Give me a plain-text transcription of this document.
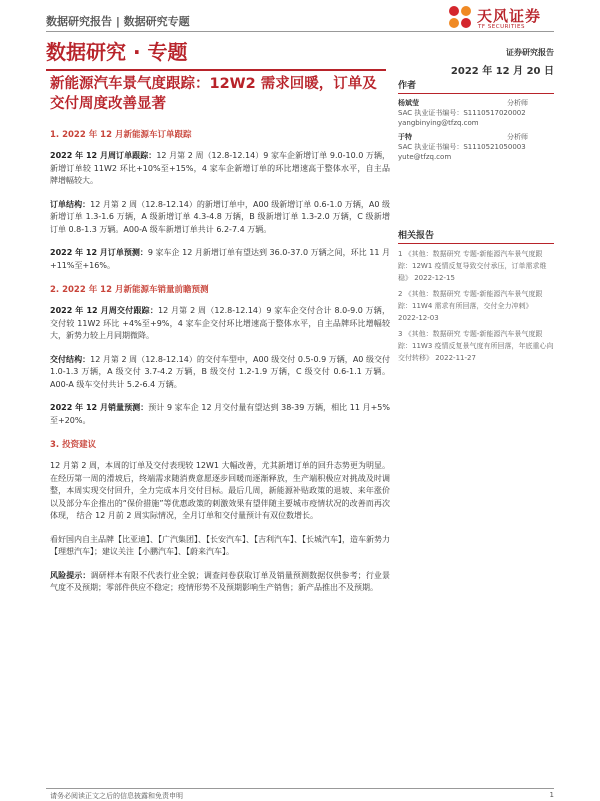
数据研究报告 | 数据研究专题	天风证券
TF SECURITIES
数据研究 · 专题	证券研究报告
2022 年 12 月 20 日
新能源汽车景气度跟踪：12W2 需求回暖，订单及交付周度改善显著
1. 2022 年 12 月新能源车订单跟踪

2022 年 12 月周订单跟踪：12 月第 2 周（12.8-12.14）9 家车企新增订单 9.0-10.0 万辆，新增订单较 11W2 环比+10%至+15%，4 家车企新增订单的环比增速高于整体水平，自主品牌增幅较大。

订单结构：12 月第 2 周（12.8-12.14）的新增订单中，A00 级新增订单 0.6-1.0 万辆，A0 级新增订单 1.3-1.6 万辆，A 级新增订单 4.3-4.8 万辆，B 级新增订单 1.3-2.0 万辆，C 级新增订单 0.8-1.3 万辆。A00-A 级车新增订单共计 6.2-7.4 万辆。

2022 年 12 月订单预测：9 家车企 12 月新增订单有望达到 36.0-37.0 万辆之间，环比 11 月+11%至+16%。

2. 2022 年 12 月新能源车销量前瞻预测

2022 年 12 月周交付跟踪：12 月第 2 周（12.8-12.14）9 家车企交付合计 8.0-9.0 万辆，交付较 11W2 环比 +4%至+9%，4 家车企交付环比增速高于整体水平，自主品牌环比增幅较大，新势力较上月同期微降。

交付结构：12 月第 2 周（12.8-12.14）的交付车型中，A00 级交付 0.5-0.9 万辆，A0 级交付 1.0-1.3 万辆，A 级交付 3.7-4.2 万辆，B 级交付 1.2-1.9 万辆，C 级交付 0.6-1.1 万辆。A00-A 级车交付共计 5.2-6.4 万辆。

2022 年 12 月销量预测：预计 9 家车企 12 月交付量有望达到 38-39 万辆，相比 11 月+5%至+20%。

3. 投资建议

12 月第 2 周，本周的订单及交付表现较 12W1 大幅改善，尤其新增订单的回升态势更为明显。在经历第一周的滑坡后，终端需求随消费意愿逐步回暖而逐渐释放，生产端积极应对挑战及时调整，本周实现交付回升，全力完成本月交付目标。最后几周，新能源补贴政策的退坡、来年涨价以及部分车企推出的“保价措施”等优惠政策的刺激效果有望伴随主要城市疫情状况的改善而再次体现， 结合 12 月前 2 周实际情况，全月订单和交付量预计有双位数增长。

看好国内自主品牌【比亚迪】、【广汽集团】、【长安汽车】、【吉利汽车】、【长城汽车】，造车新势力【理想汽车】；建议关注【小鹏汽车】、【蔚来汽车】。

风险提示：调研样本有限不代表行业全貌；调查问卷获取订单及销量预测数据仅供参考；行业景气度不及预期；零部件供应不稳定；疫情形势不及预期影响生产销售；新产品推出不及预期。

作者
杨斌莹	分析师
SAC 执业证书编号：S1110517020002
yangbinying@tfzq.com
于特	分析师
SAC 执业证书编号：S1110521050003
yute@tfzq.com
相关报告
1 《其他：数据研究 专题-新能源汽车景气度跟踪：12W1 疫情反复导致交付承压，订单需求维稳》 2022-12-15
2 《其他：数据研究 专题-新能源汽车景气度跟踪：11W4 需求有所回落，交付全力冲刺》 2022-12-03
3 《其他：数据研究 专题-新能源汽车景气度跟踪：11W3 疫情反复景气度有所回落，年底重心向交付转移》 2022-11-27
请务必阅读正文之后的信息披露和免责申明	1
